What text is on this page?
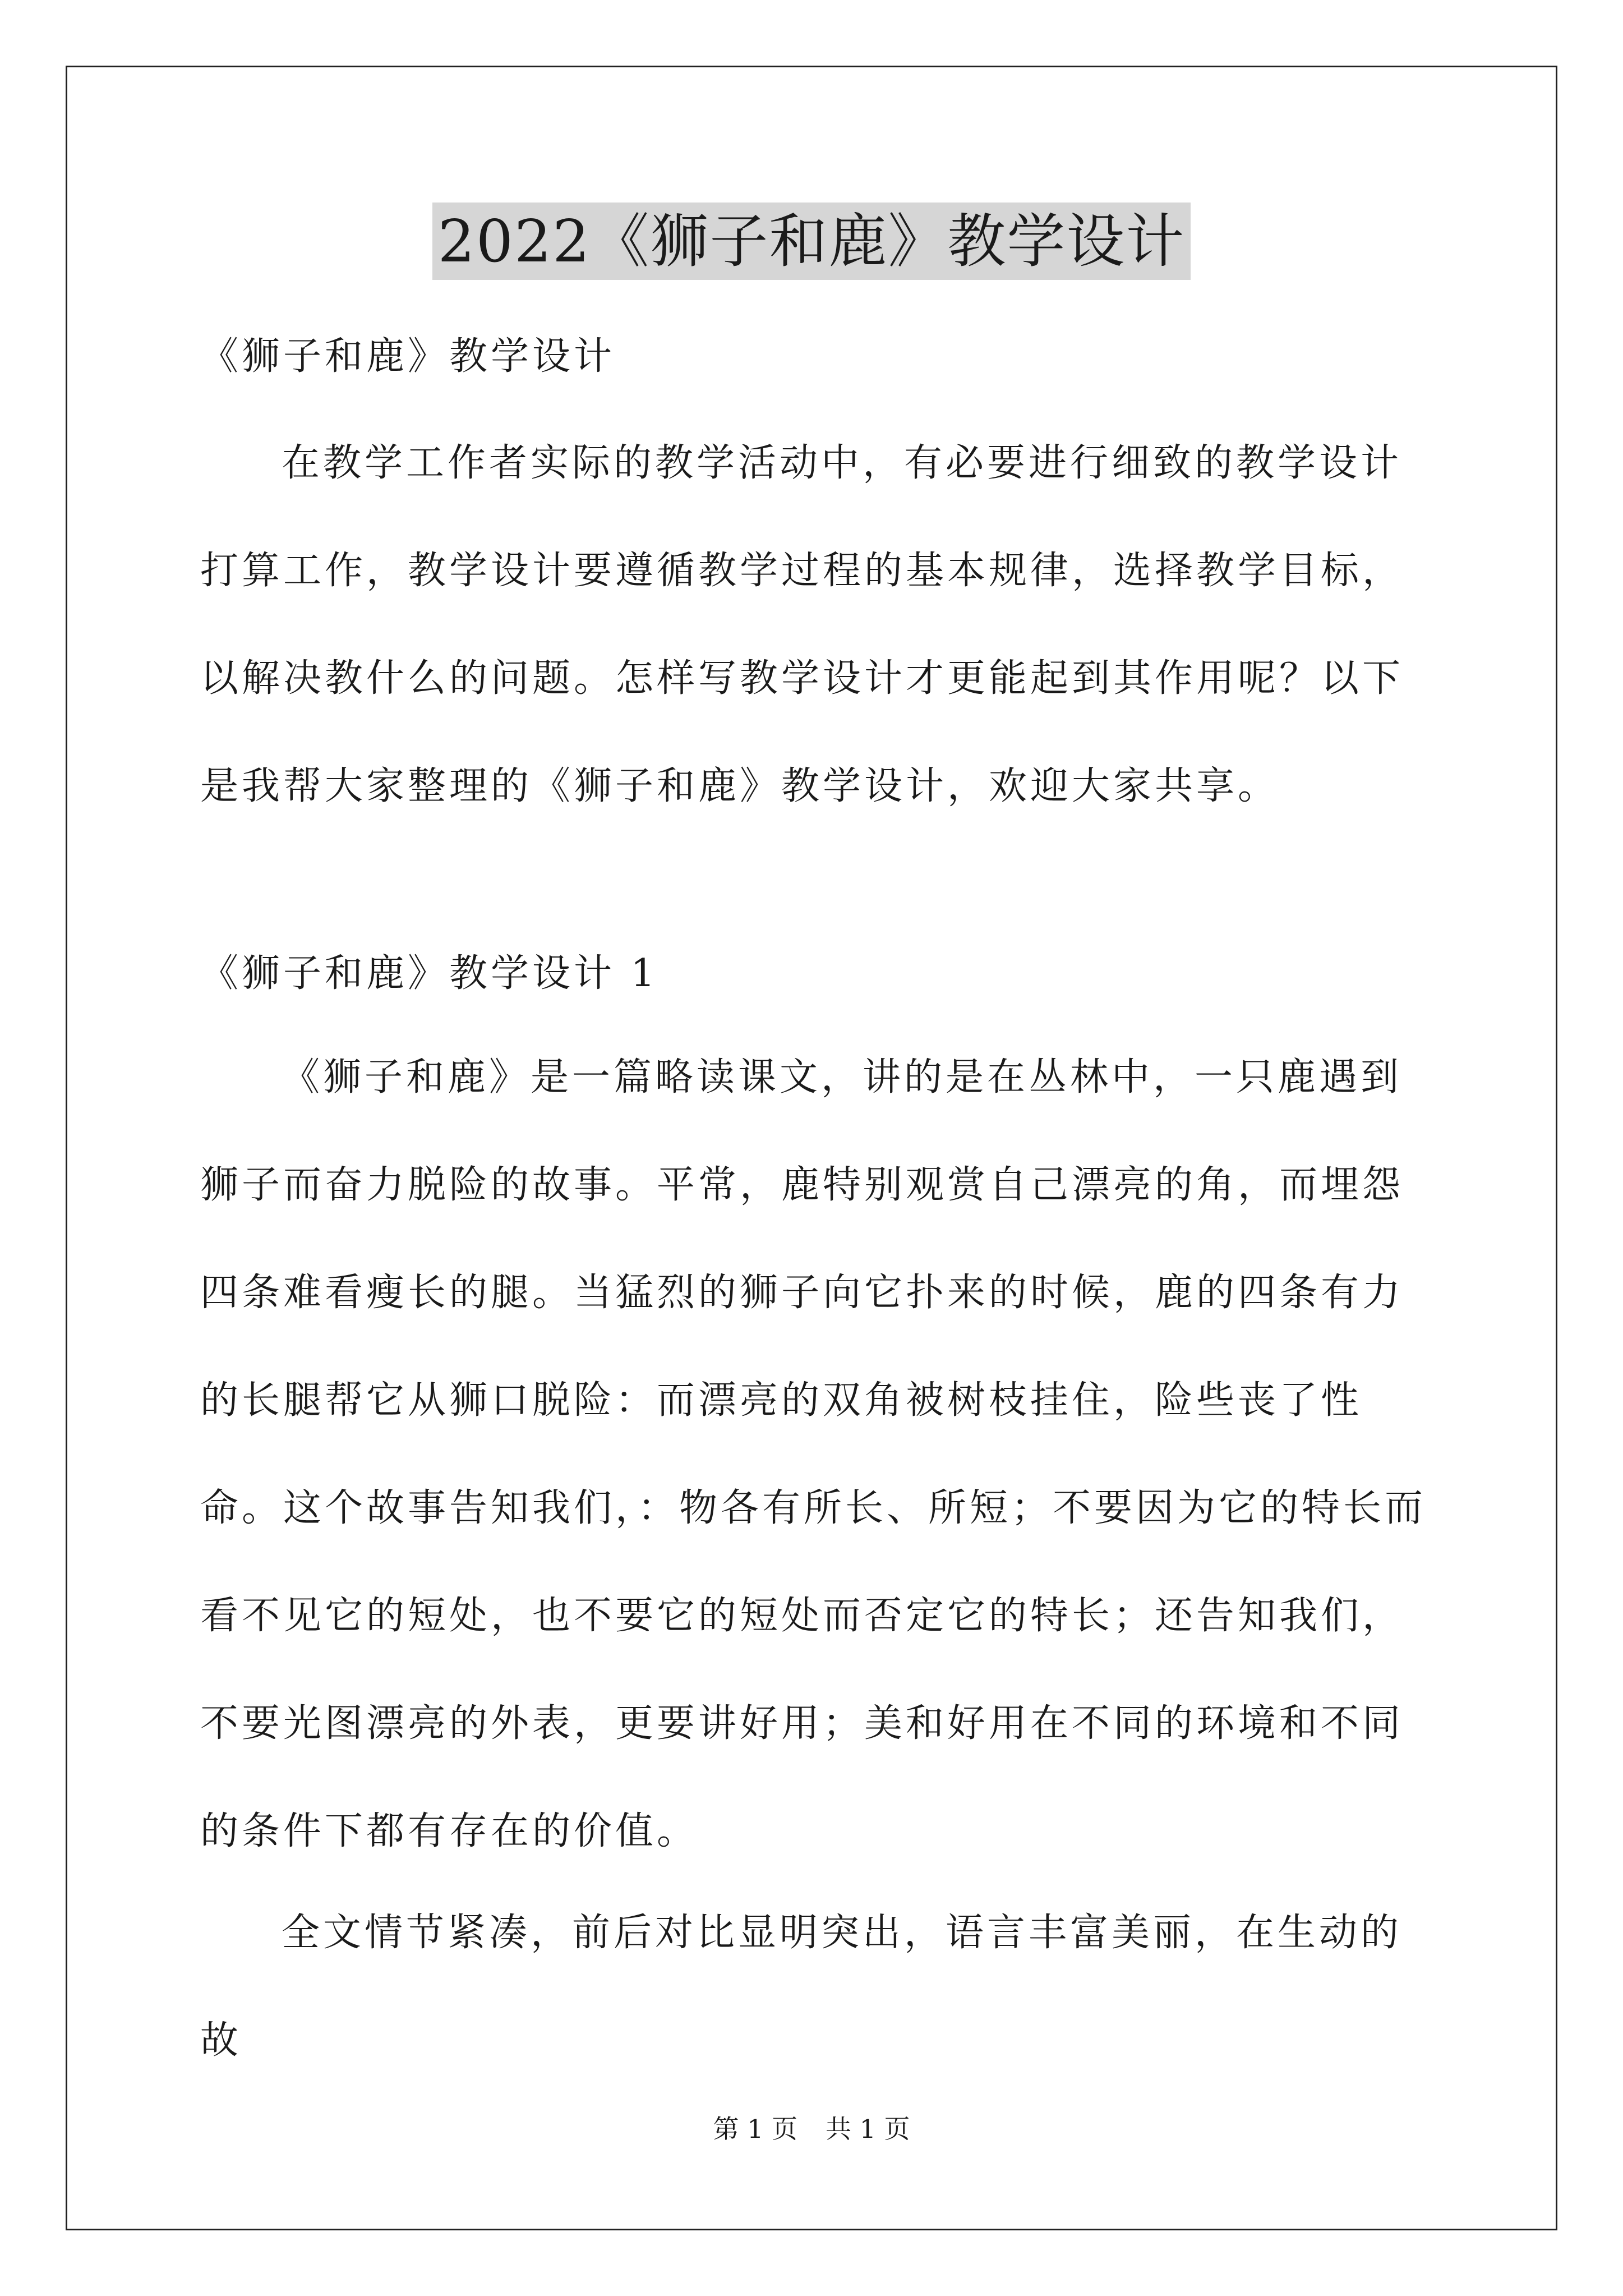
2022《狮子和鹿》教学设计

《狮子和鹿》教学设计

在教学工作者实际的教学活动中，有必要进行细致的教学设计打算工作，教学设计要遵循教学过程的基本规律，选择教学目标，以解决教什么的问题。怎样写教学设计才更能起到其作用呢？以下是我帮大家整理的《狮子和鹿》教学设计，欢迎大家共享。

《狮子和鹿》教学设计 1

《狮子和鹿》是一篇略读课文，讲的是在丛林中，一只鹿遇到狮子而奋力脱险的故事。平常，鹿特别观赏自己漂亮的角，而埋怨四条难看瘦长的腿。当猛烈的狮子向它扑来的时候，鹿的四条有力的长腿帮它从狮口脱险：而漂亮的双角被树枝挂住，险些丧了性命。这个故事告知我们，：物各有所长、所短；不要因为它的特长而看不见它的短处，也不要它的短处而否定它的特长；还告知我们，不要光图漂亮的外表，更要讲好用；美和好用在不同的环境和不同的条件下都有存在的价值。

全文情节紧凑，前后对比显明突出，语言丰富美丽，在生动的故

第 1 页 共 1 页
